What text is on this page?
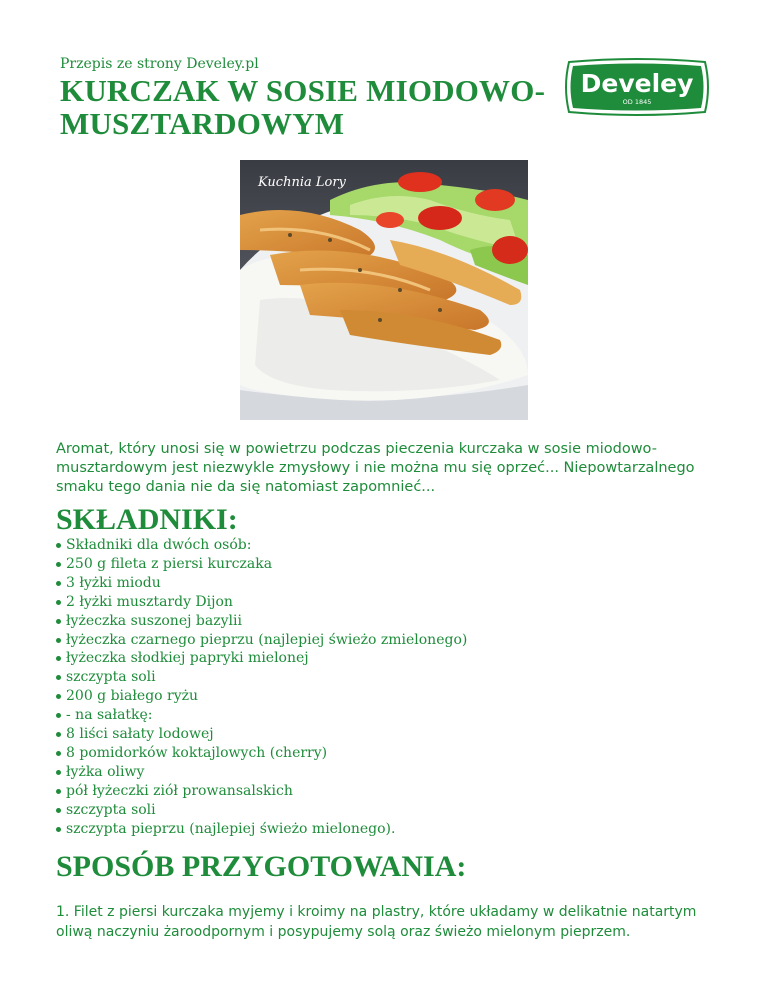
Przepis ze strony Develey.pl
KURCZAK W SOSIE MIODOWO-MUSZTARDOWYM
Develey
OD 1845
Kuchnia Lory

Aromat, który unosi się w powietrzu podczas pieczenia kurczaka w sosie miodowo-musztardowym jest niezwykle zmysłowy i nie można mu się oprzeć... Niepowtarzalnego smaku tego dania nie da się natomiast zapomnieć...

SKŁADNIKI:
Składniki dla dwóch osób:
250 g fileta z piersi kurczaka
3 łyżki miodu
2 łyżki musztardy Dijon
łyżeczka suszonej bazylii
łyżeczka czarnego pieprzu (najlepiej świeżo zmielonego)
łyżeczka słodkiej papryki mielonej
szczypta soli
200 g białego ryżu
- na sałatkę:
8 liści sałaty lodowej
8 pomidorków koktajlowych (cherry)
łyżka oliwy
pół łyżeczki ziół prowansalskich
szczypta soli
szczypta pieprzu (najlepiej świeżo mielonego).
SPOSÓB PRZYGOTOWANIA:

1. Filet z piersi kurczaka myjemy i kroimy na plastry, które układamy w delikatnie natartym oliwą naczyniu żaroodpornym i posypujemy solą oraz świeżo mielonym pieprzem.
